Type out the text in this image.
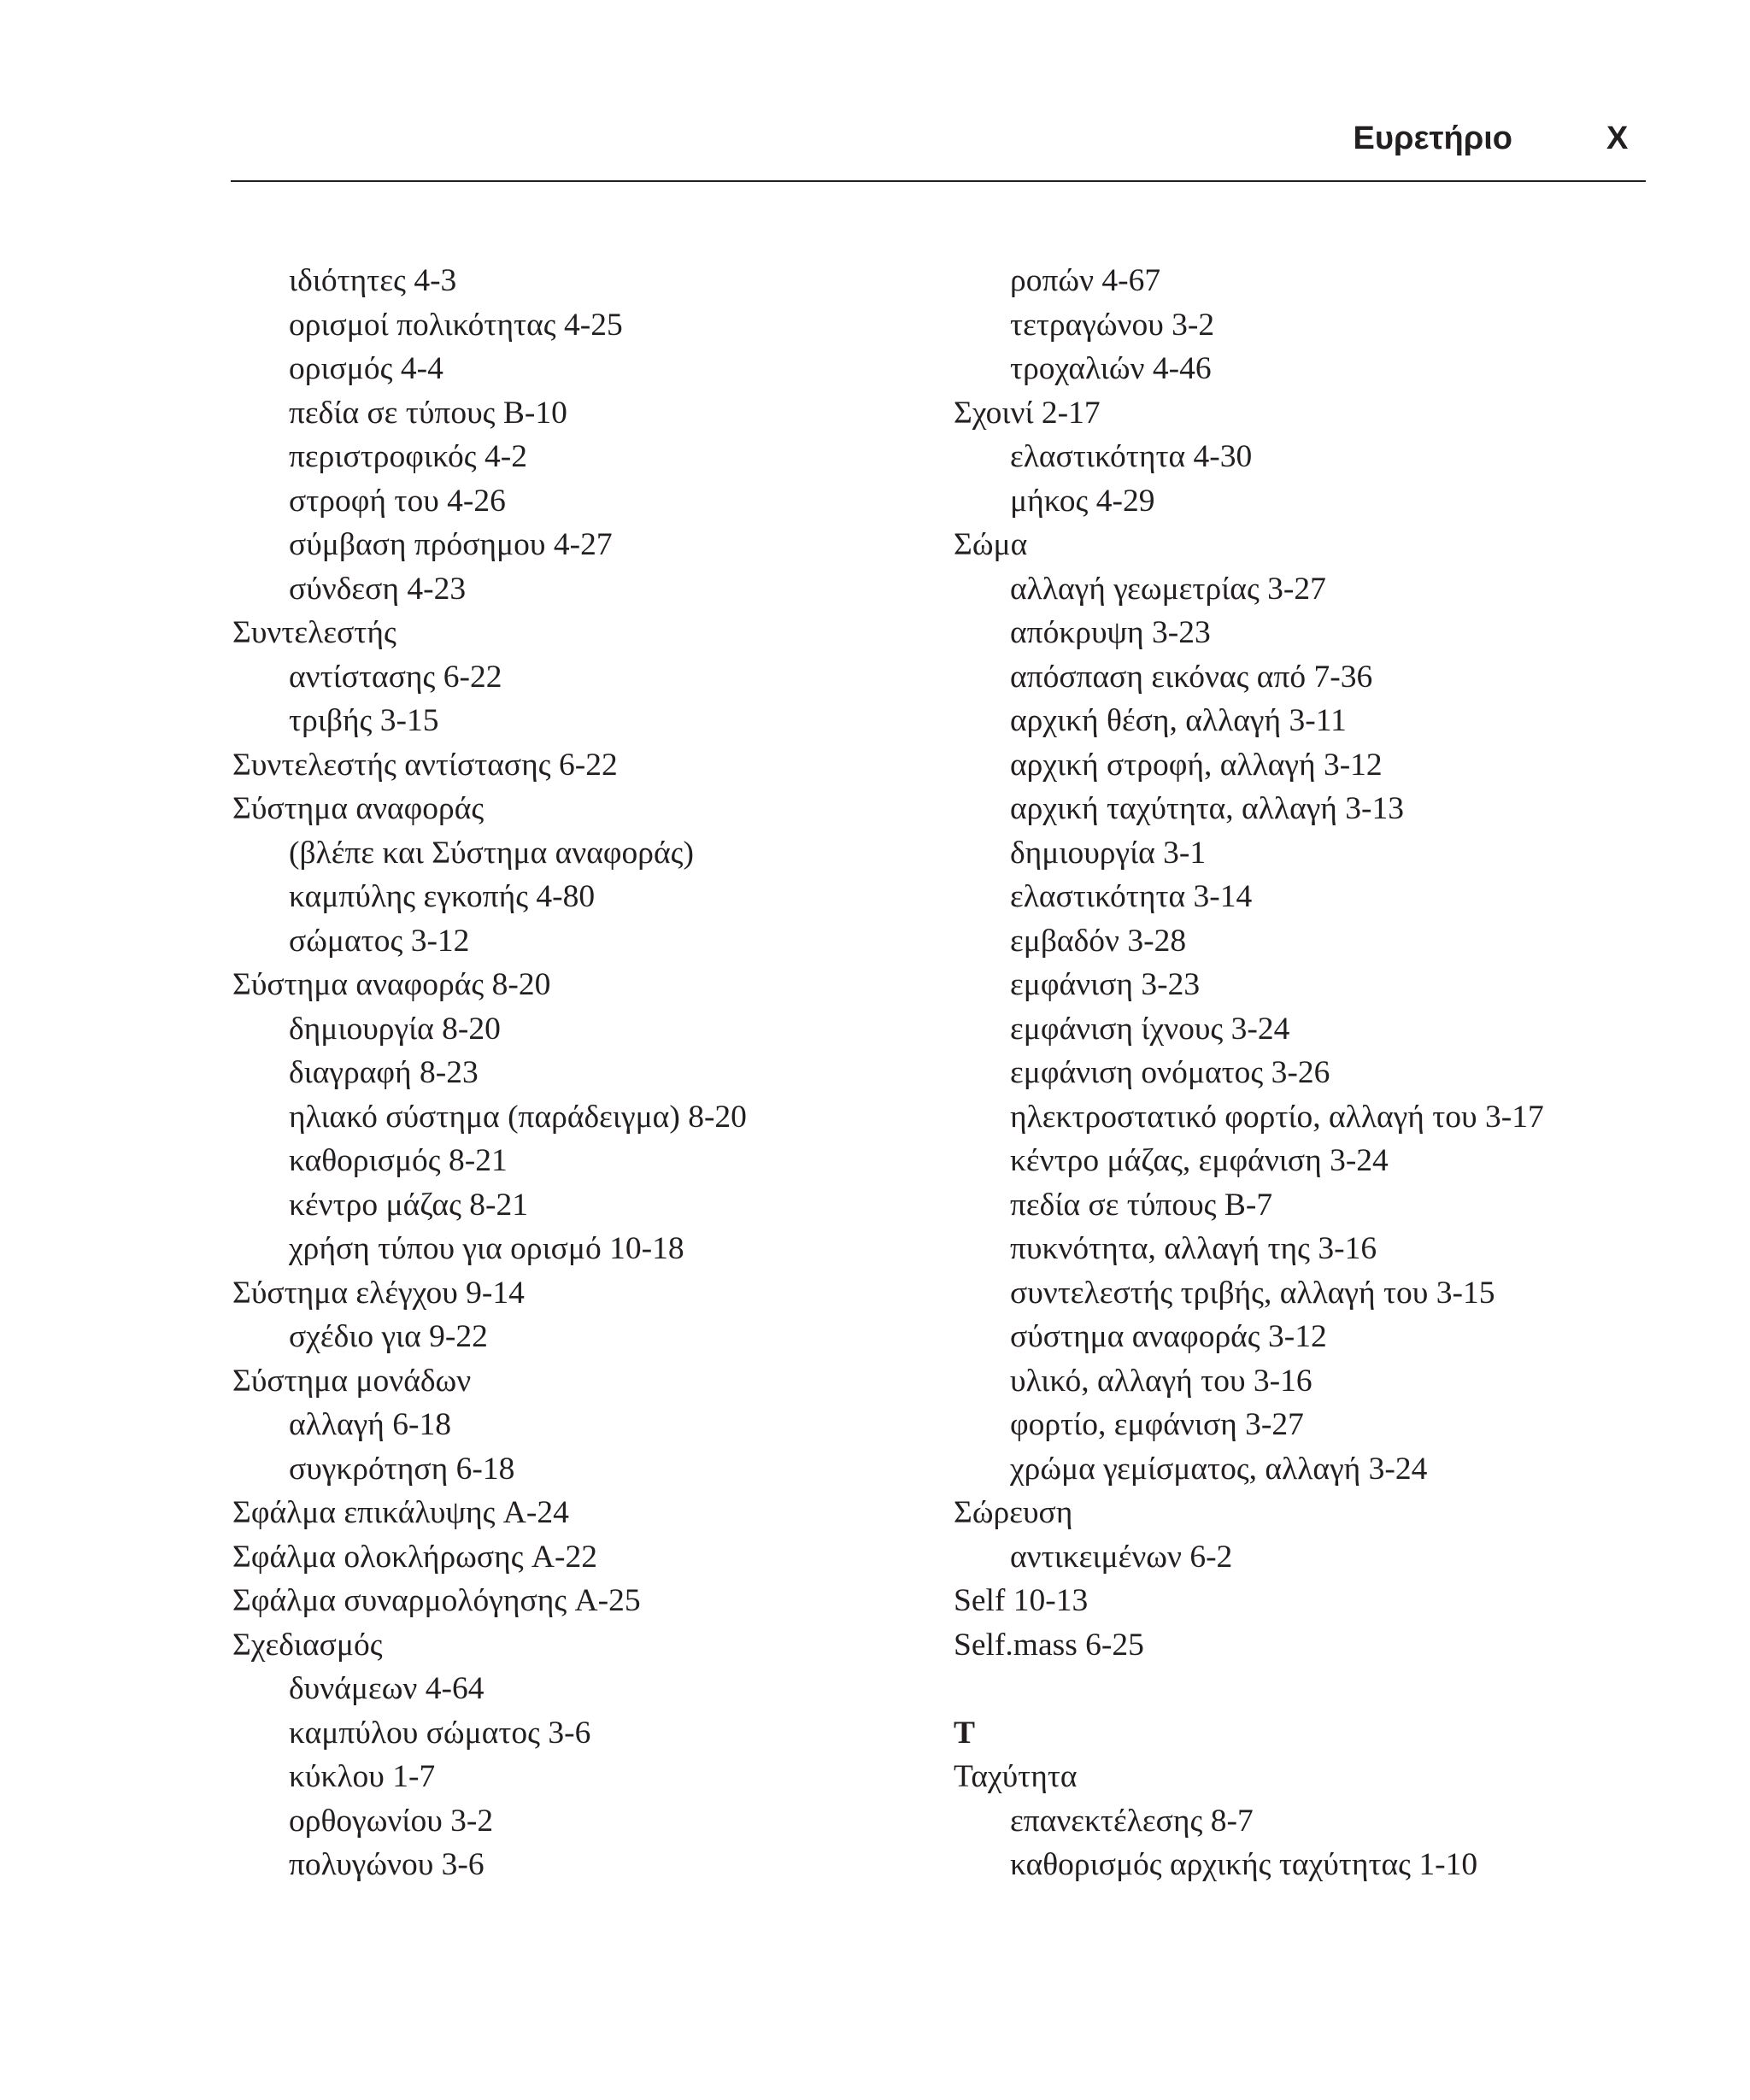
Ευρετήριο	X
ιδιότητες 4-3
ορισμοί πολικότητας 4-25
ορισμός 4-4
πεδία σε τύπους B-10
περιστροφικός 4-2
στροφή του 4-26
σύμβαση πρόσημου 4-27
σύνδεση 4-23
Συντελεστής
αντίστασης 6-22
τριβής 3-15
Συντελεστής αντίστασης 6-22
Σύστημα αναφοράς
(βλέπε και Σύστημα αναφοράς)
καμπύλης εγκοπής 4-80
σώματος 3-12
Σύστημα αναφοράς 8-20
δημιουργία 8-20
διαγραφή 8-23
ηλιακό σύστημα (παράδειγμα) 8-20
καθορισμός 8-21
κέντρο μάζας 8-21
χρήση τύπου για ορισμό 10-18
Σύστημα ελέγχου 9-14
σχέδιο για 9-22
Σύστημα μονάδων
αλλαγή 6-18
συγκρότηση 6-18
Σφάλμα επικάλυψης A-24
Σφάλμα ολοκλήρωσης A-22
Σφάλμα συναρμολόγησης A-25
Σχεδιασμός
δυνάμεων 4-64
καμπύλου σώματος 3-6
κύκλου 1-7
ορθογωνίου 3-2
πολυγώνου 3-6
ροπών 4-67
τετραγώνου 3-2
τροχαλιών 4-46
Σχοινί 2-17
ελαστικότητα 4-30
μήκος 4-29
Σώμα
αλλαγή γεωμετρίας 3-27
απόκρυψη 3-23
απόσπαση εικόνας από 7-36
αρχική θέση, αλλαγή 3-11
αρχική στροφή, αλλαγή 3-12
αρχική ταχύτητα, αλλαγή 3-13
δημιουργία 3-1
ελαστικότητα 3-14
εμβαδόν 3-28
εμφάνιση 3-23
εμφάνιση ίχνους 3-24
εμφάνιση ονόματος 3-26
ηλεκτροστατικό φορτίο, αλλαγή του 3-17
κέντρο μάζας, εμφάνιση 3-24
πεδία σε τύπους B-7
πυκνότητα, αλλαγή της 3-16
συντελεστής τριβής, αλλαγή του 3-15
σύστημα αναφοράς 3-12
υλικό, αλλαγή του 3-16
φορτίο, εμφάνιση 3-27
χρώμα γεμίσματος, αλλαγή 3-24
Σώρευση
αντικειμένων 6-2
Self 10-13
Self.mass 6-25
T
Ταχύτητα
επανεκτέλεσης 8-7
καθορισμός αρχικής ταχύτητας 1-10
